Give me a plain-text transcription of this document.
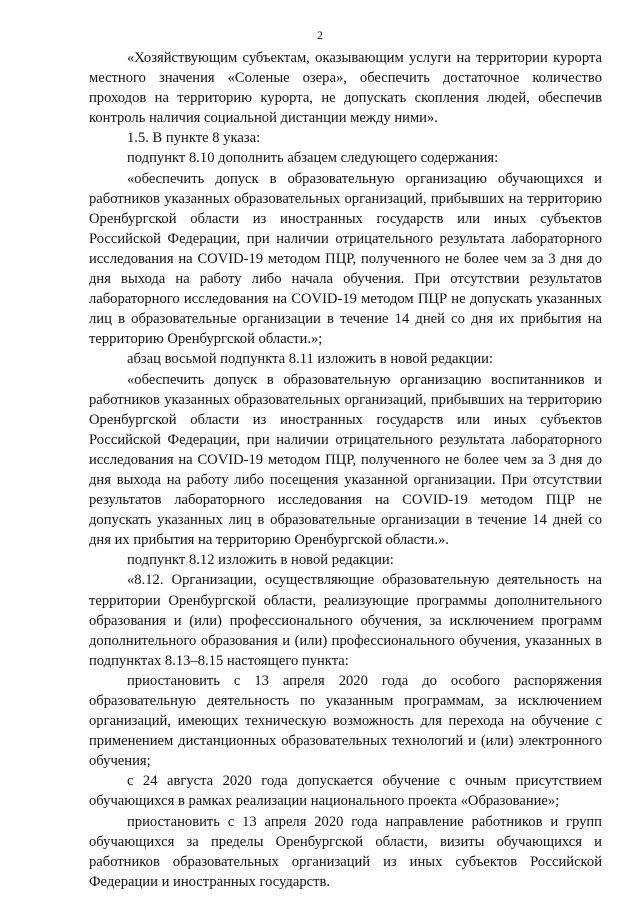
2

«Хозяйствующим субъектам, оказывающим услуги на территории курорта местного значения «Соленые озера», обеспечить достаточное количество проходов на территорию курорта, не допускать скопления людей, обеспечив контроль наличия социальной дистанции между ними».

1.5. В пункте 8 указа:

подпункт 8.10 дополнить абзацем следующего содержания:

«обеспечить допуск в образовательную организацию обучающихся и работников указанных образовательных организаций, прибывших на территорию Оренбургской области из иностранных государств или иных субъектов Российской Федерации, при наличии отрицательного результата лабораторного исследования на COVID-19 методом ПЦР, полученного не более чем за 3 дня до дня выхода на работу либо начала обучения. При отсутствии результатов лабораторного исследования на COVID-19 методом ПЦР не допускать указанных лиц в образовательные организации в течение 14 дней со дня их прибытия на территорию Оренбургской области.»;

абзац восьмой подпункта 8.11 изложить в новой редакции:

«обеспечить допуск в образовательную организацию воспитанников и работников указанных образовательных организаций, прибывших на территорию Оренбургской области из иностранных государств или иных субъектов Российской Федерации, при наличии отрицательного результата лабораторного исследования на COVID-19 методом ПЦР, полученного не более чем за 3 дня до дня выхода на работу либо посещения указанной организации. При отсутствии результатов лабораторного исследования на COVID-19 методом ПЦР не допускать указанных лиц в образовательные организации в течение 14 дней со дня их прибытия на территорию Оренбургской области.».

подпункт 8.12 изложить в новой редакции:

«8.12. Организации, осуществляющие образовательную деятельность на территории Оренбургской области, реализующие программы дополнительного образования и (или) профессионального обучения, за исключением программ дополнительного образования и (или) профессионального обучения, указанных в подпунктах 8.13–8.15 настоящего пункта:

приостановить с 13 апреля 2020 года до особого распоряжения образовательную деятельность по указанным программам, за исключением организаций, имеющих техническую возможность для перехода на обучение с применением дистанционных образовательных технологий и (или) электронного обучения;

с 24 августа 2020 года допускается обучение с очным присутствием обучающихся в рамках реализации национального проекта «Образование»;

приостановить с 13 апреля 2020 года направление работников и групп обучающихся за пределы Оренбургской области, визиты обучающихся и работников образовательных организаций из иных субъектов Российской Федерации и иностранных государств.
